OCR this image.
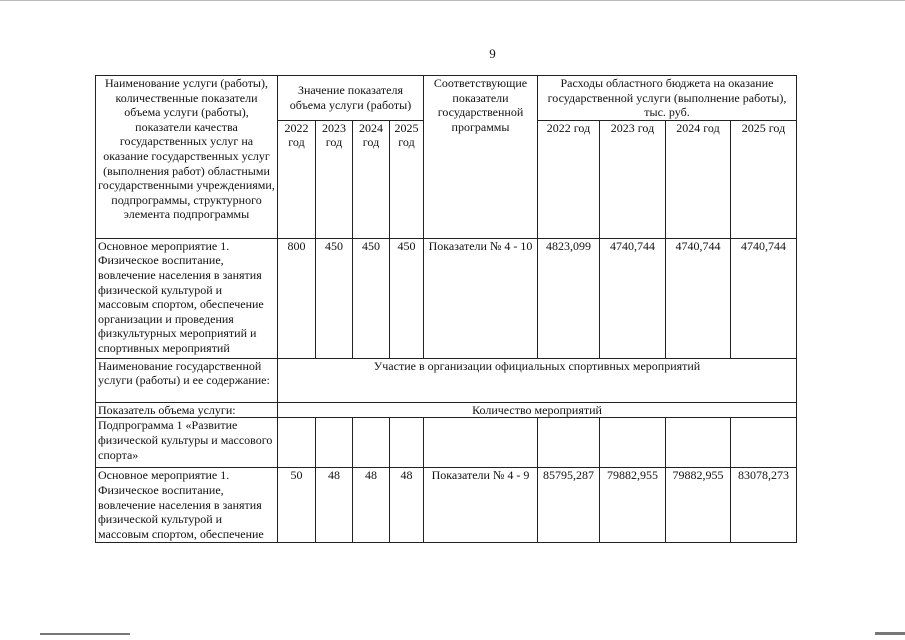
9
Наименование услуги (работы), количественные показатели объема услуги (работы), показатели качества государственных услуг на оказание государственных услуг (выполнения работ) областными государственными учреждениями, подпрограммы, структурного элемента подпрограммы	Значение показателя объема услуги (работы)				Соответствующие показатели государственной программы	Расходы областного бюджета на оказание государственной услуги (выполнение работы), тыс. руб.			
	2022 год	2023 год	2024 год	2025 год		2022 год	2023 год	2024 год	2025 год
Основное мероприятие 1. Физическое воспитание, вовлечение населения в занятия физической культурой и массовым спортом, обеспечение организации и проведения физкультурных мероприятий и спортивных мероприятий	800	450	450	450	Показатели № 4 - 10	4823,099	4740,744	4740,744	4740,744
Наименование государственной услуги (работы) и ее содержание:	Участие в организации официальных спортивных мероприятий								
Показатель объема услуги:	Количество мероприятий								
Подпрограмма 1 «Развитие физической культуры и массового спорта»									
Основное мероприятие 1. Физическое воспитание, вовлечение населения в занятия физической культурой и массовым спортом, обеспечение	50	48	48	48	Показатели № 4 - 9	85795,287	79882,955	79882,955	83078,273
